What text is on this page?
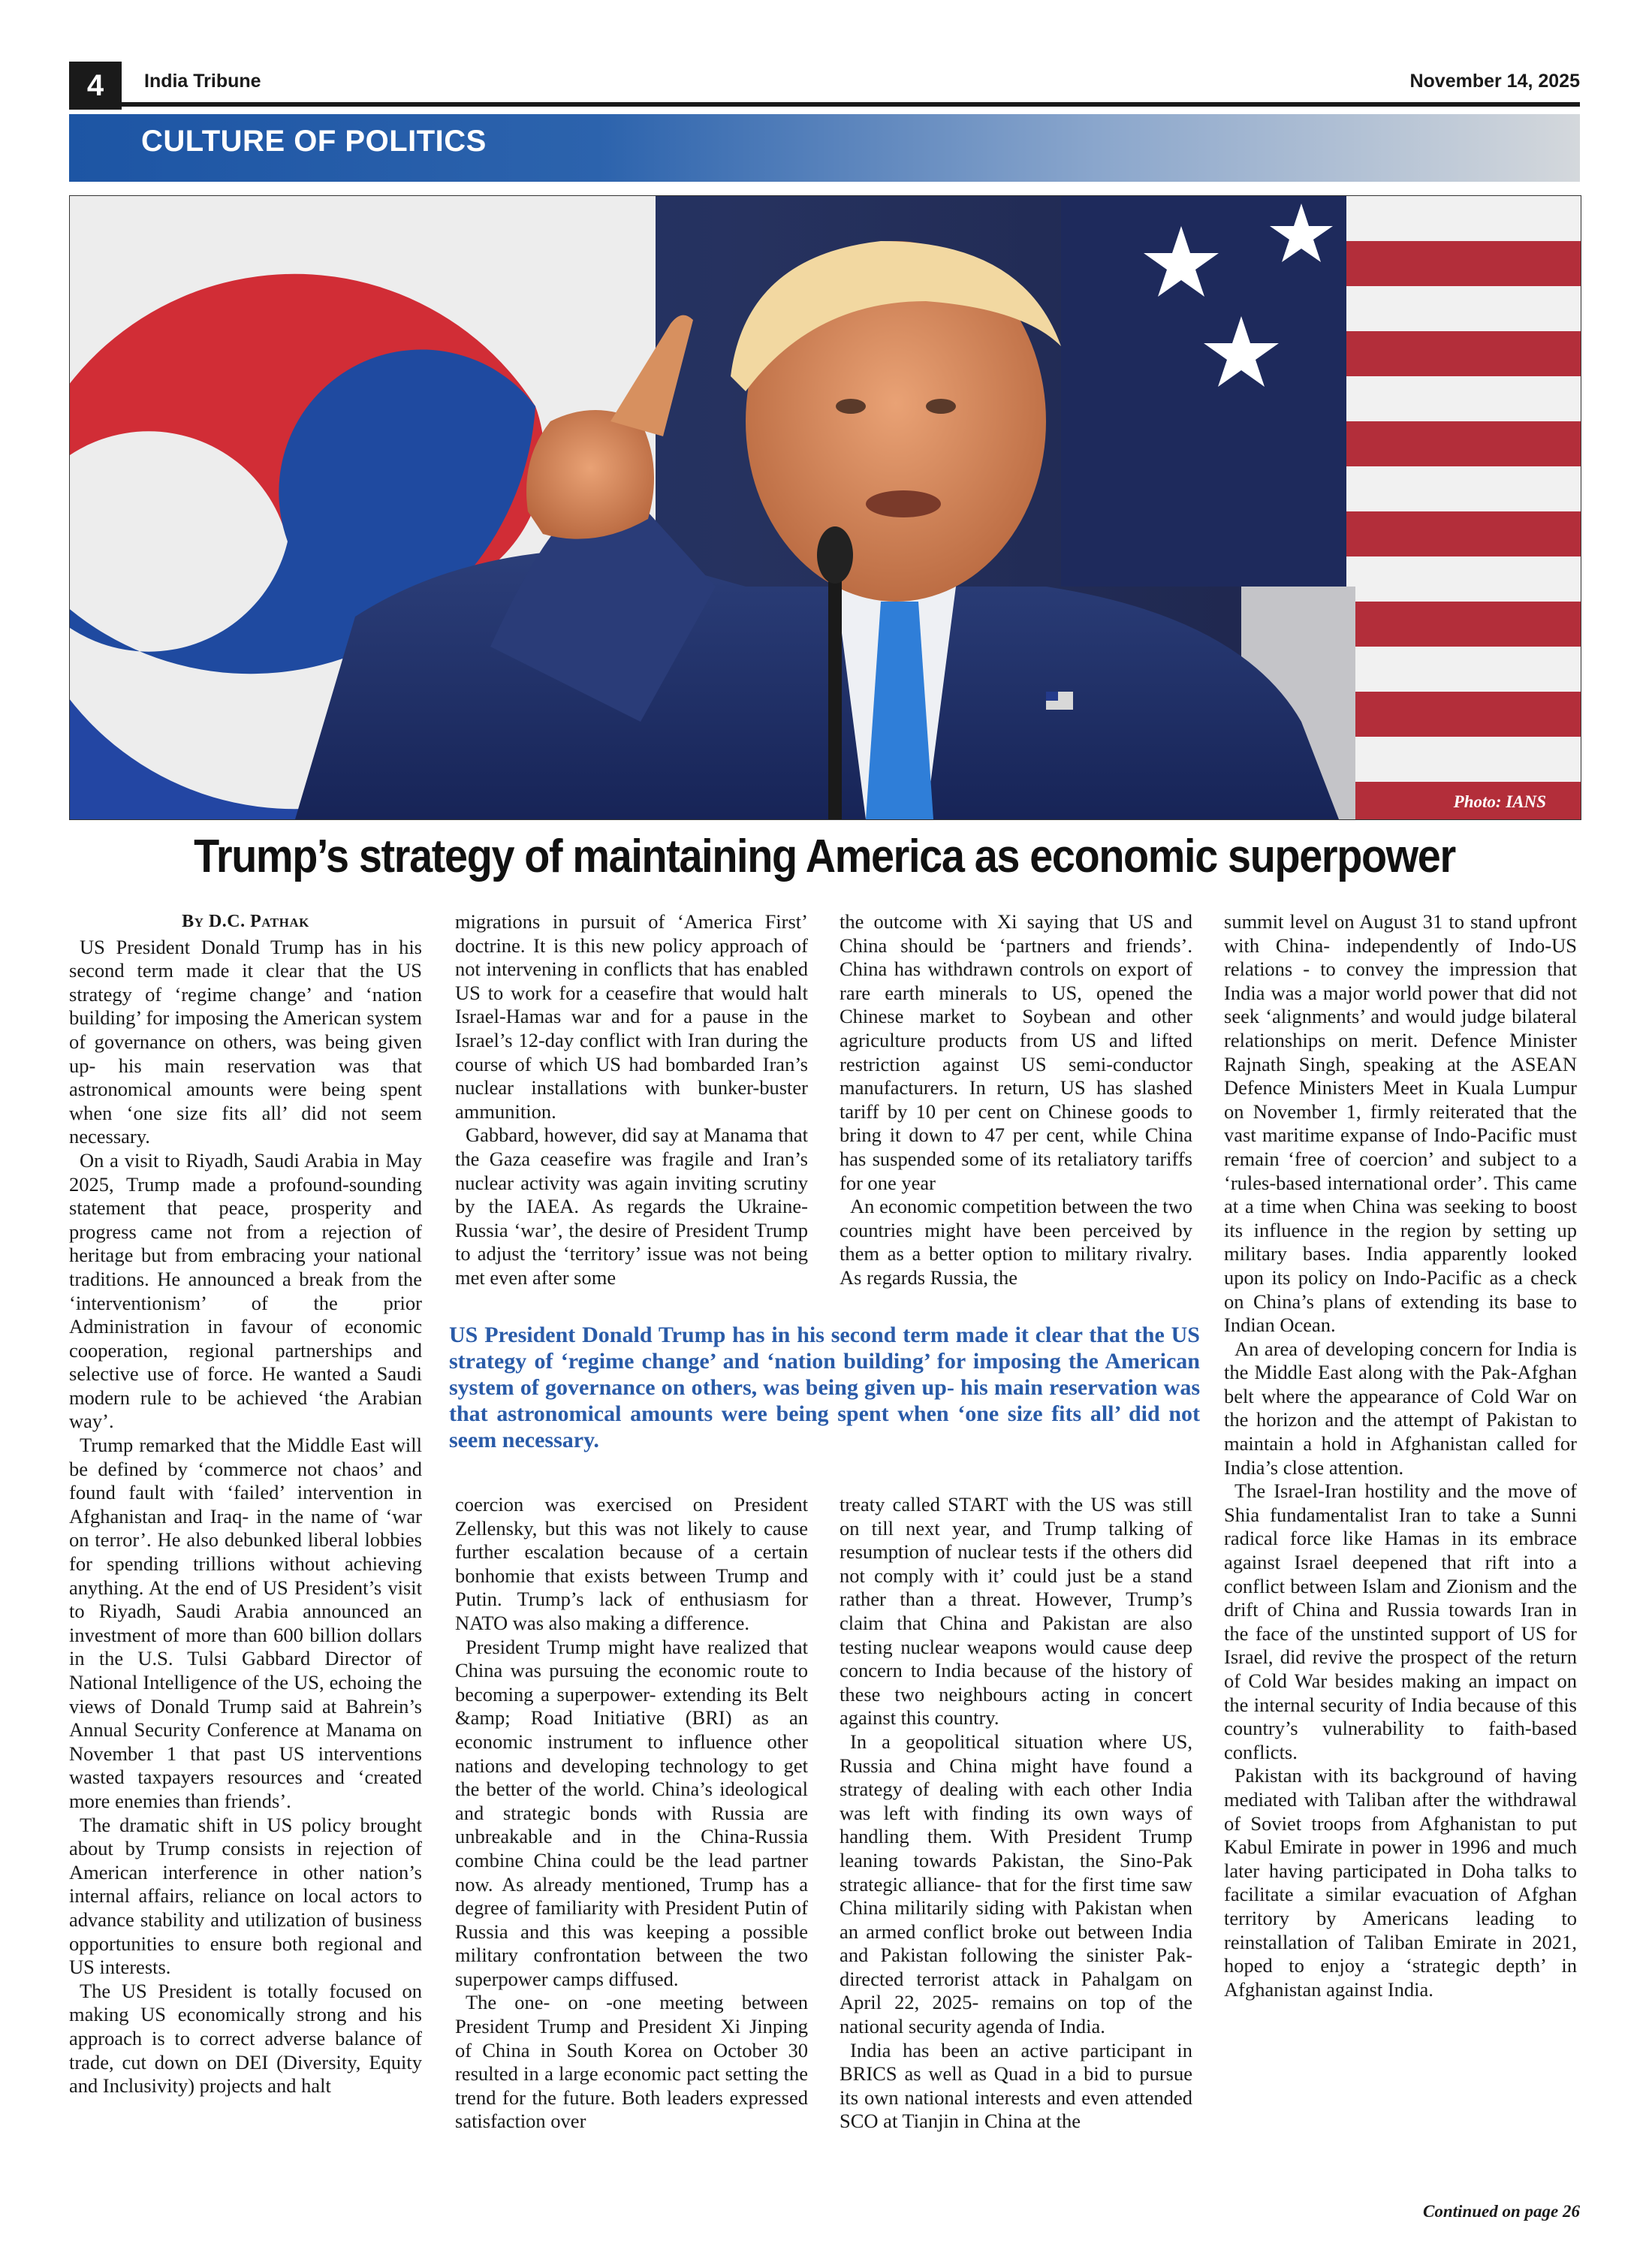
4	India Tribune	November 14, 2025
CULTURE OF POLITICS
Photo: IANS
Trump’s strategy of maintaining America as economic superpower
By D.C. Pathak

US President Donald Trump has in his second term made it clear that the US strategy of ‘regime change’ and ‘nation building’ for imposing the American system of governance on others, was being given up- his main reservation was that astronomical amounts were being spent when ‘one size fits all’ did not seem necessary.

On a visit to Riyadh, Saudi Arabia in May 2025, Trump made a profound-sounding statement that peace, prosperity and progress came not from a rejection of heritage but from embracing your national traditions. He announced a break from the ‘interventionism’ of the prior Administration in favour of economic cooperation, regional partnerships and selective use of force. He wanted a Saudi modern rule to be achieved ‘the Arabian way’.

Trump remarked that the Middle East will be defined by ‘commerce not chaos’ and found fault with ‘failed’ intervention in Afghanistan and Iraq- in the name of ‘war on terror’. He also debunked liberal lobbies for spending trillions without achieving anything. At the end of US President’s visit to Riyadh, Saudi Arabia announced an investment of more than 600 billion dollars in the U.S. Tulsi Gabbard Director of National Intelligence of the US, echoing the views of Donald Trump said at Bahrein’s Annual Security Conference at Manama on November 1 that past US interventions wasted taxpayers resources and ‘created more enemies than friends’.

The dramatic shift in US policy brought about by Trump consists in rejection of American interference in other nation’s internal affairs, reliance on local actors to advance stability and utilization of business opportunities to ensure both regional and US interests.

The US President is totally focused on making US economically strong and his approach is to correct adverse balance of trade, cut down on DEI (Diversity, Equity and Inclusivity) projects and halt

migrations in pursuit of ‘America First’ doctrine. It is this new policy approach of not intervening in conflicts that has enabled US to work for a ceasefire that would halt Israel-Hamas war and for a pause in the Israel’s 12-day conflict with Iran during the course of which US had bombarded Iran’s nuclear installations with bunker-buster ammunition.

Gabbard, however, did say at Manama that the Gaza ceasefire was fragile and Iran’s nuclear activity was again inviting scrutiny by the IAEA. As regards the Ukraine-Russia ‘war’, the desire of President Trump to adjust the ‘territory’ issue was not being met even after some

the outcome with Xi saying that US and China should be ‘partners and friends’. China has withdrawn controls on export of rare earth minerals to US, opened the Chinese market to Soybean and other agriculture products from US and lifted restriction against US semi-conductor manufacturers. In return, US has slashed tariff by 10 per cent on Chinese goods to bring it down to 47 per cent, while China has suspended some of its retaliatory tariffs for one year

An economic competition between the two countries might have been perceived by them as a better option to military rivalry. As regards Russia, the

US President Donald Trump has in his second term made it clear that the US strategy of ‘regime change’ and ‘nation building’ for imposing the American system of governance on others, was being given up- his main reservation was that astronomical amounts were being spent when ‘one size fits all’ did not seem necessary.

coercion was exercised on President Zellensky, but this was not likely to cause further escalation because of a certain bonhomie that exists between Trump and Putin. Trump’s lack of enthusiasm for NATO was also making a difference.

President Trump might have realized that China was pursuing the economic route to becoming a superpower- extending its Belt &amp; Road Initiative (BRI) as an economic instrument to influence other nations and developing technology to get the better of the world. China’s ideological and strategic bonds with Russia are unbreakable and in the China-Russia combine China could be the lead partner now. As already mentioned, Trump has a degree of familiarity with President Putin of Russia and this was keeping a possible military confrontation between the two superpower camps diffused.

The one- on -one meeting between President Trump and President Xi Jinping of China in South Korea on October 30 resulted in a large economic pact setting the trend for the future. Both leaders expressed satisfaction over

treaty called START with the US was still on till next year, and Trump talking of resumption of nuclear tests if the others did not comply with it’ could just be a stand rather than a threat. However, Trump’s claim that China and Pakistan are also testing nuclear weapons would cause deep concern to India because of the history of these two neighbours acting in concert against this country.

In a geopolitical situation where US, Russia and China might have found a strategy of dealing with each other India was left with finding its own ways of handling them. With President Trump leaning towards Pakistan, the Sino-Pak strategic alliance- that for the first time saw China militarily siding with Pakistan when an armed conflict broke out between India and Pakistan following the sinister Pak-directed terrorist attack in Pahalgam on April 22, 2025- remains on top of the national security agenda of India.

India has been an active participant in BRICS as well as Quad in a bid to pursue its own national interests and even attended SCO at Tianjin in China at the

summit level on August 31 to stand upfront with China- independently of Indo-US relations - to convey the impression that India was a major world power that did not seek ‘alignments’ and would judge bilateral relationships on merit. Defence Minister Rajnath Singh, speaking at the ASEAN Defence Ministers Meet in Kuala Lumpur on November 1, firmly reiterated that the vast maritime expanse of Indo-Pacific must remain ‘free of coercion’ and subject to a ‘rules-based international order’. This came at a time when China was seeking to boost its influence in the region by setting up military bases. India apparently looked upon its policy on Indo-Pacific as a check on China’s plans of extending its base to Indian Ocean.

An area of developing concern for India is the Middle East along with the Pak-Afghan belt where the appearance of Cold War on the horizon and the attempt of Pakistan to maintain a hold in Afghanistan called for India’s close attention.

The Israel-Iran hostility and the move of Shia fundamentalist Iran to take a Sunni radical force like Hamas in its embrace against Israel deepened that rift into a conflict between Islam and Zionism and the drift of China and Russia towards Iran in the face of the unstinted support of US for Israel, did revive the prospect of the return of Cold War besides making an impact on the internal security of India because of this country’s vulnerability to faith-based conflicts.

Pakistan with its background of having mediated with Taliban after the withdrawal of Soviet troops from Afghanistan to put Kabul Emirate in power in 1996 and much later having participated in Doha talks to facilitate a similar evacuation of Afghan territory by Americans leading to reinstallation of Taliban Emirate in 2021, hoped to enjoy a ‘strategic depth’ in Afghanistan against India.

Continued on page 26
